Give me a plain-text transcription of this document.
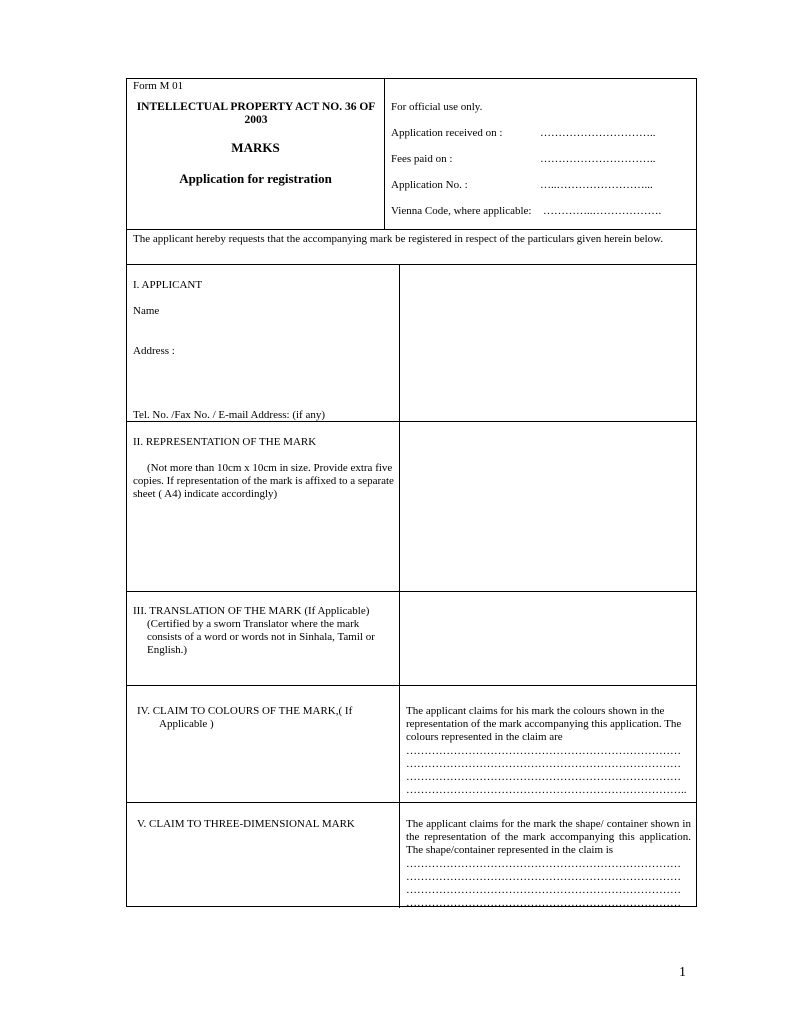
Form M 01
INTELLECTUAL PROPERTY ACT NO. 36 OF 2003
MARKS
Application for registration
For official use only.
Application received on :	…………………………..
Fees paid on :	…………………………..
Application No. :	…..……………………...
Vienna Code, where applicable: …………..……………….
The applicant hereby requests that the accompanying mark be registered in respect of the particulars given herein below.
I. APPLICANT
Name
Address :
Tel. No. /Fax No. / E-mail Address: (if any)
II. REPRESENTATION OF THE MARK
(Not more than 10cm x 10cm in size. Provide extra five copies. If representation of the mark is affixed to a separate sheet ( A4) indicate accordingly)
III. TRANSLATION OF THE MARK (If Applicable)
(Certified by a sworn Translator where the mark consists of a word or words not in Sinhala, Tamil or English.)
IV. CLAIM TO COLOURS OF THE MARK,( If Applicable )
The applicant claims for his mark the colours shown in the representation of the mark accompanying this application. The colours represented in the claim are
…………………………………………………………………
…………………………………………………………………
…………………………………………………………………
…………………………………………………………………..
V. CLAIM TO THREE-DIMENSIONAL MARK	The applicant claims for the mark the shape/ container shown in the representation of the mark accompanying this application. The shape/container represented in the claim is
…………………………………………………………………
…………………………………………………………………
…………………………………………………………………
…………………………………………………………………
1
